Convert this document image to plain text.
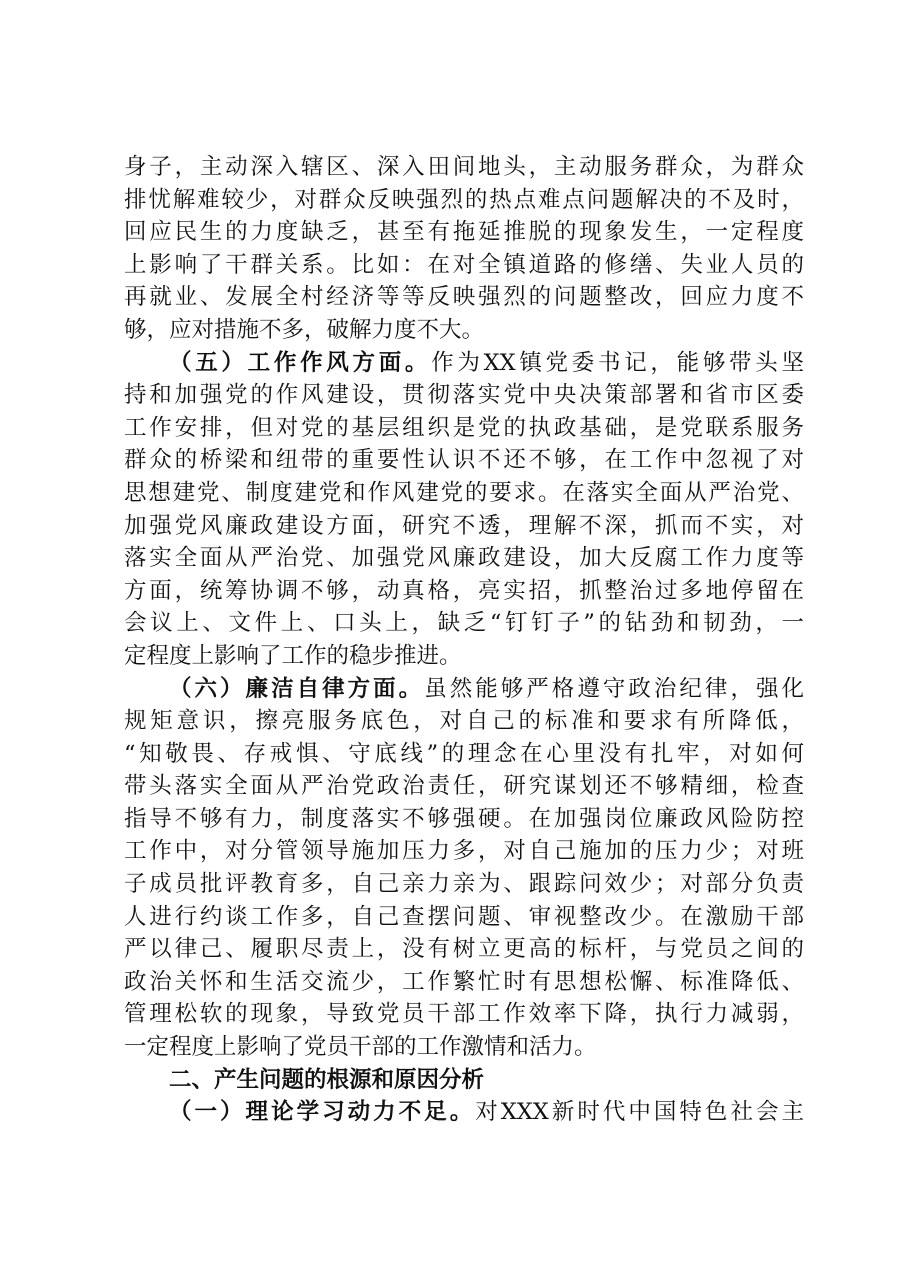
身子，主动深入辖区、深入田间地头，主动服务群众，为群众
排忧解难较少，对群众反映强烈的热点难点问题解决的不及时，
回应民生的力度缺乏，甚至有拖延推脱的现象发生，一定程度
上影响了干群关系。比如：在对全镇道路的修缮、失业人员的
再就业、发展全村经济等等反映强烈的问题整改，回应力度不
够，应对措施不多，破解力度不大。
（五）工作作风方面。作为XX镇党委书记，能够带头坚
持和加强党的作风建设，贯彻落实党中央决策部署和省市区委
工作安排，但对党的基层组织是党的执政基础，是党联系服务
群众的桥梁和纽带的重要性认识不还不够，在工作中忽视了对
思想建党、制度建党和作风建党的要求。在落实全面从严治党、
加强党风廉政建设方面，研究不透，理解不深，抓而不实，对
落实全面从严治党、加强党风廉政建设，加大反腐工作力度等
方面，统筹协调不够，动真格，亮实招，抓整治过多地停留在
会议上、文件上、口头上，缺乏“钉钉子”的钻劲和韧劲，一
定程度上影响了工作的稳步推进。
（六）廉洁自律方面。虽然能够严格遵守政治纪律，强化
规矩意识，擦亮服务底色，对自己的标准和要求有所降低，
“知敬畏、存戒惧、守底线”的理念在心里没有扎牢，对如何
带头落实全面从严治党政治责任，研究谋划还不够精细，检查
指导不够有力，制度落实不够强硬。在加强岗位廉政风险防控
工作中，对分管领导施加压力多，对自己施加的压力少；对班
子成员批评教育多，自己亲力亲为、跟踪问效少；对部分负责
人进行约谈工作多，自己查摆问题、审视整改少。在激励干部
严以律己、履职尽责上，没有树立更高的标杆，与党员之间的
政治关怀和生活交流少，工作繁忙时有思想松懈、标准降低、
管理松软的现象，导致党员干部工作效率下降，执行力减弱，
一定程度上影响了党员干部的工作激情和活力。
二、产生问题的根源和原因分析
（一）理论学习动力不足。对XXX新时代中国特色社会主
